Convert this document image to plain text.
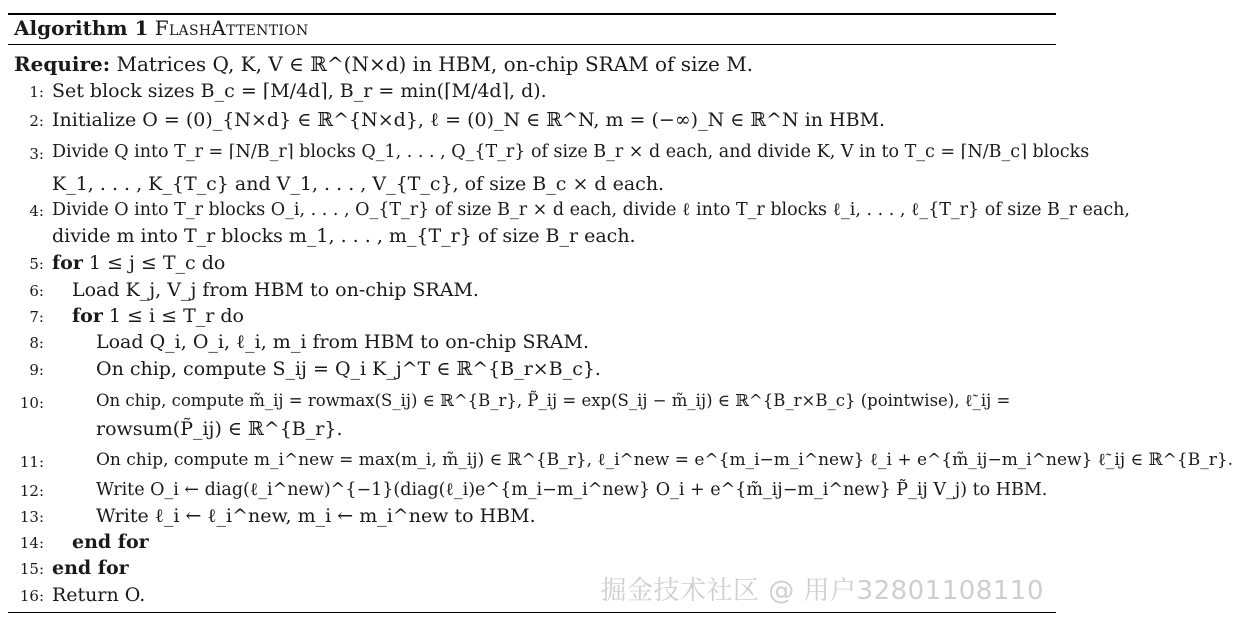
Algorithm 1 FlashAttention
Require: Matrices Q, K, V ∈ ℝ^(N×d) in HBM, on-chip SRAM of size M.
1: Set block sizes B_c = ⌈M/4d⌉, B_r = min(⌈M/4d⌉, d).
2: Initialize O = (0)_{N×d} ∈ ℝ^{N×d}, ℓ = (0)_N ∈ ℝ^N, m = (−∞)_N ∈ ℝ^N in HBM.
3: Divide Q into T_r = ⌈N/B_r⌉ blocks Q_1, . . . , Q_{T_r} of size B_r × d each, and divide K, V in to T_c = ⌈N/B_c⌉ blocks
K_1, . . . , K_{T_c} and V_1, . . . , V_{T_c}, of size B_c × d each.
4: Divide O into T_r blocks O_i, . . . , O_{T_r} of size B_r × d each, divide ℓ into T_r blocks ℓ_i, . . . , ℓ_{T_r} of size B_r each,
divide m into T_r blocks m_1, . . . , m_{T_r} of size B_r each.
5: for 1 ≤ j ≤ T_c do
6: Load K_j, V_j from HBM to on-chip SRAM.
7: for 1 ≤ i ≤ T_r do
8:	Load Q_i, O_i, ℓ_i, m_i from HBM to on-chip SRAM.
9:	On chip, compute S_ij = Q_i K_j^T ∈ ℝ^{B_r×B_c}.
10:	On chip, compute m̃_ij = rowmax(S_ij) ∈ ℝ^{B_r}, P̃_ij = exp(S_ij − m̃_ij) ∈ ℝ^{B_r×B_c} (pointwise), ℓ̃_ij =
rowsum(P̃_ij) ∈ ℝ^{B_r}.
11:	On chip, compute m_i^new = max(m_i, m̃_ij) ∈ ℝ^{B_r}, ℓ_i^new = e^{m_i−m_i^new} ℓ_i + e^{m̃_ij−m_i^new} ℓ̃_ij ∈ ℝ^{B_r}.
12:	Write O_i ← diag(ℓ_i^new)^{−1}(diag(ℓ_i)e^{m_i−m_i^new} O_i + e^{m̃_ij−m_i^new} P̃_ij V_j) to HBM.
13:	Write ℓ_i ← ℓ_i^new, m_i ← m_i^new to HBM.
14: end for
15: end for
16: Return O.	掘金技术社区 @ 用户3280110811​0
